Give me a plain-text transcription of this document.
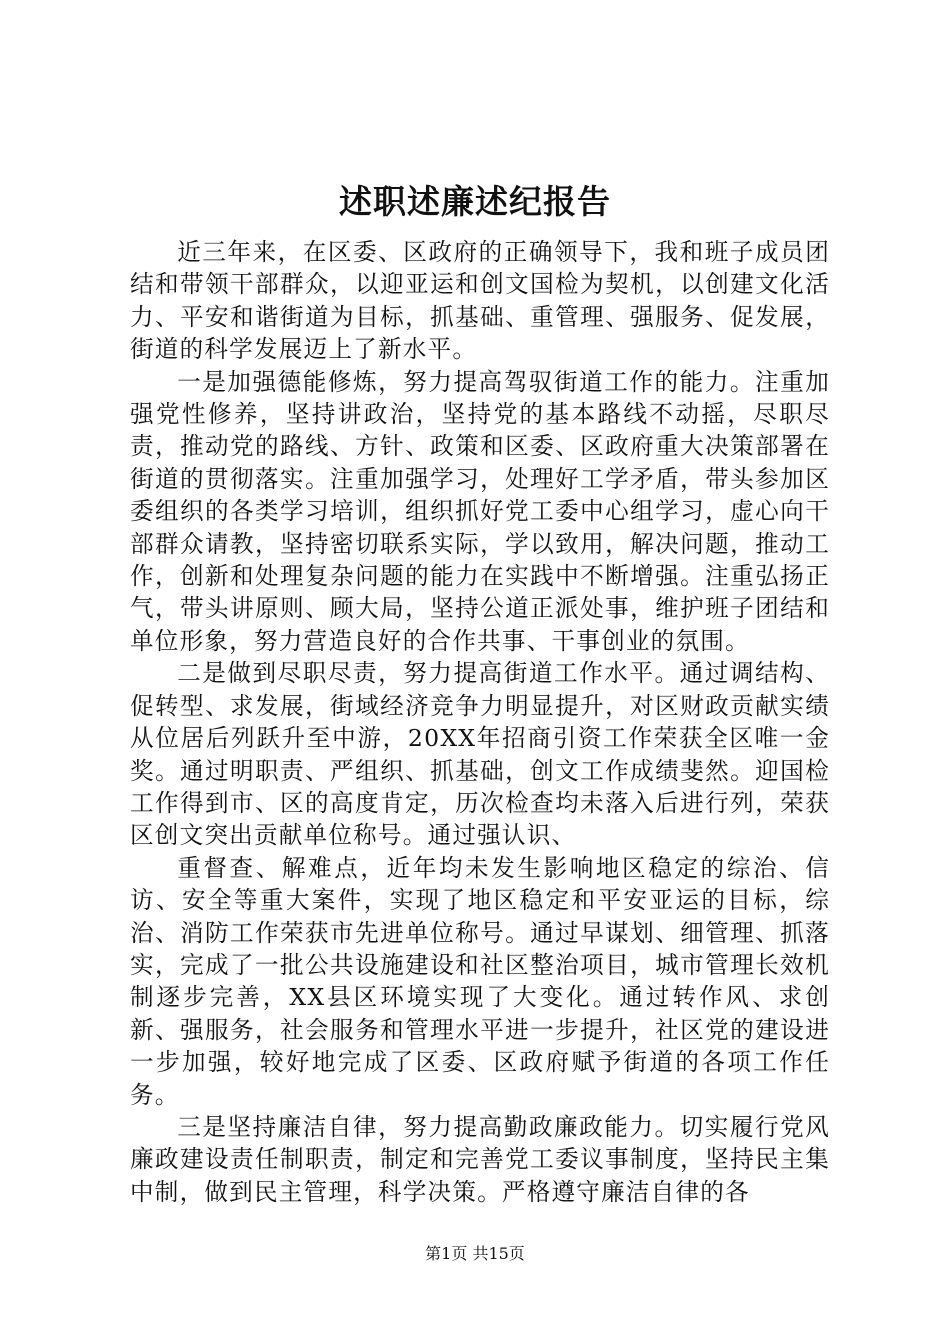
述职述廉述纪报告

近三年来，在区委、区政府的正确领导下，我和班子成员团结和带领干部群众，以迎亚运和创文国检为契机，以创建文化活力、平安和谐街道为目标，抓基础、重管理、强服务、促发展，街道的科学发展迈上了新水平。

一是加强德能修炼，努力提高驾驭街道工作的能力。注重加强党性修养，坚持讲政治，坚持党的基本路线不动摇，尽职尽责，推动党的路线、方针、政策和区委、区政府重大决策部署在街道的贯彻落实。注重加强学习，处理好工学矛盾，带头参加区委组织的各类学习培训，组织抓好党工委中心组学习，虚心向干部群众请教，坚持密切联系实际，学以致用，解决问题，推动工作，创新和处理复杂问题的能力在实践中不断增强。注重弘扬正气，带头讲原则、顾大局，坚持公道正派处事，维护班子团结和单位形象，努力营造良好的合作共事、干事创业的氛围。

二是做到尽职尽责，努力提高街道工作水平。通过调结构、促转型、求发展，街域经济竞争力明显提升，对区财政贡献实绩从位居后列跃升至中游，20XX年招商引资工作荣获全区唯一金奖。通过明职责、严组织、抓基础，创文工作成绩斐然。迎国检工作得到市、区的高度肯定，历次检查均未落入后进行列，荣获区创文突出贡献单位称号。通过强认识、

重督查、解难点，近年均未发生影响地区稳定的综治、信访、安全等重大案件，实现了地区稳定和平安亚运的目标，综治、消防工作荣获市先进单位称号。通过早谋划、细管理、抓落实，完成了一批公共设施建设和社区整治项目，城市管理长效机制逐步完善，XX县区环境实现了大变化。通过转作风、求创新、强服务，社会服务和管理水平进一步提升，社区党的建设进一步加强，较好地完成了区委、区政府赋予街道的各项工作任务。

三是坚持廉洁自律，努力提高勤政廉政能力。切实履行党风廉政建设责任制职责，制定和完善党工委议事制度，坚持民主集中制，做到民主管理，科学决策。严格遵守廉洁自律的各

第1页 共15页
